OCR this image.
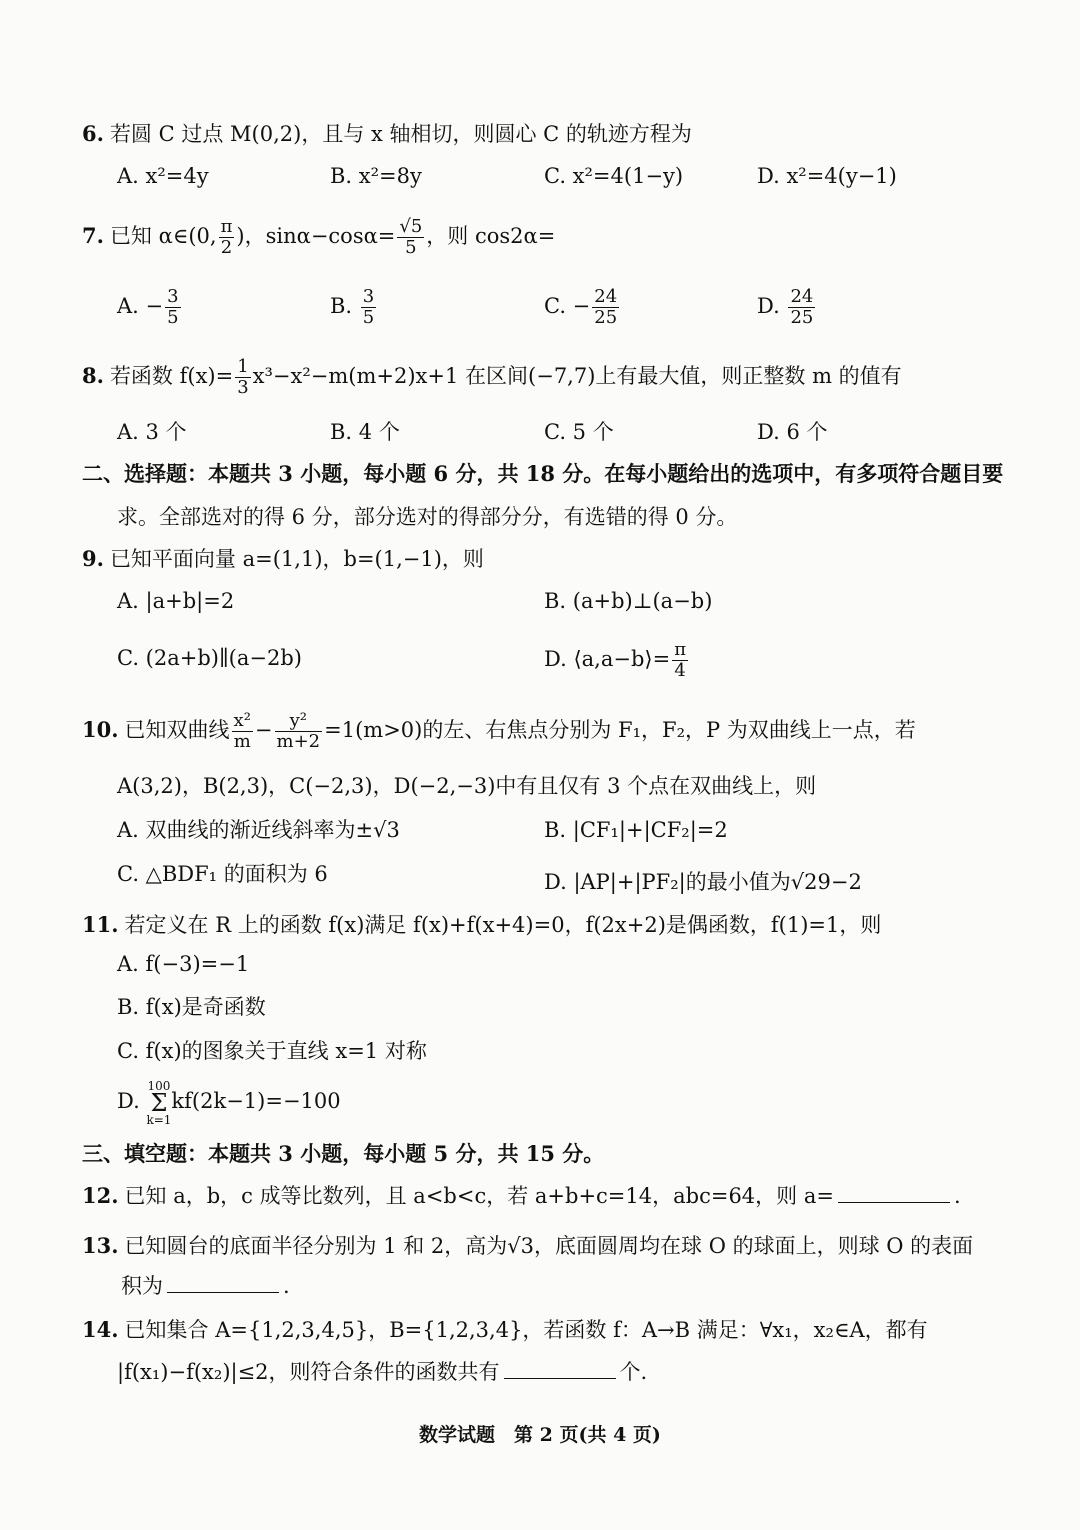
6. 若圆 C 过点 M(0,2)，且与 x 轴相切，则圆心 C 的轨迹方程为
A. x²=4y	B. x²=8y	C. x²=4(1−y)	D. x²=4(y−1)
7. 已知 α∈(0, $\frac{\pi}{2}$ )，$\sin\alpha-\cos\alpha= \frac{√5}{5}$ ，则 cos2α=
A. − $\frac{3}{5}$	B. $\frac{3}{5}$	C. − $\frac{24}{25}$	D. $\frac{24}{25}$
8. 若函数 $f(x)= \frac{1}{3} x^3-x^2-m(m+2)x+1$ 在区间(−7,7)上有最大值，则正整数 m 的值有
A. 3 个	B. 4 个	C. 5 个	D. 6 个
二、选择题：本题共 3 小题，每小题 6 分，共 18 分。在每小题给出的选项中，有多项符合题目要
求。全部选对的得 6 分，部分选对的得部分分，有选错的得 0 分。
9. 已知平面向量 a=(1,1)，b=(1,−1)，则
A. |a+b|=2	B. (a+b)⊥(a−b)
C. (2a+b)∥(a−2b)	D. ⟨a,a−b⟩= $\frac{\pi}{4}$
10. 已知双曲线 $\frac{\text{x²}}{m} - \frac{\text{y²}}{m+2} =1(m>0)$的左、右焦点分别为 F₁，F₂，P 为双曲线上一点，若
A(3,2)，B(2,3)，C(−2,3)，D(−2,−3)中有且仅有 3 个点在双曲线上，则
A. 双曲线的渐近线斜率为±√3	B. |CF₁|+|CF₂|=2
C. △BDF₁ 的面积为 6	D. |AP|+|PF₂|的最小值为√29−2
11. 若定义在 R 上的函数 f(x)满足 f(x)+f(x+4)=0，f(2x+2)是偶函数，f(1)=1，则
A. f(−3)=−1
B. f(x)是奇函数
C. f(x)的图象关于直线 x=1 对称
D.
100
Σ
k=1
kf(2k−1)=−100
三、填空题：本题共 3 小题，每小题 5 分，共 15 分。
12. 已知 a，b，c 成等比数列，且 a<b<c，若 a+b+c=14，abc=64，则 a=	.
13. 已知圆台的底面半径分别为 1 和 2，高为√3，底面圆周均在球 O 的球面上，则球 O 的表面
积为	.
14. 已知集合 A={1,2,3,4,5}，B={1,2,3,4}，若函数 f：A→B 满足：∀x₁，x₂∈A，都有
|f(x₁)−f(x₂)|≤2，则符合条件的函数共有	个.
数学试题　第 2 页(共 4 页)
